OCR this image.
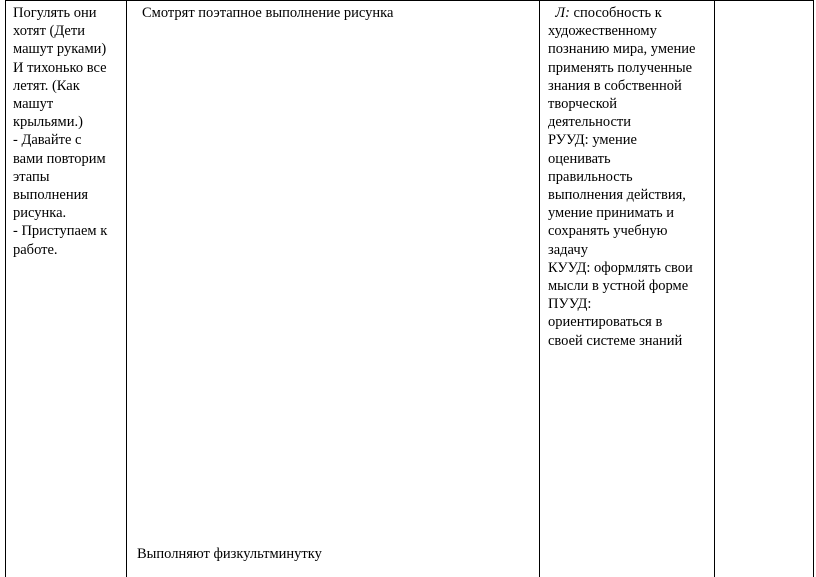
Погулять они

хотят (Дети

машут руками)

И тихонько все

летят. (Как

машут

крыльями.)

- Давайте с

вами повторим

этапы

выполнения

рисунка.

- Приступаем к

работе.

Смотрят поэтапное выполнение рисунка

Выполняют физкультминутку

Л: способность к

художественному

познанию мира, умение

применять полученные

знания в собственной

творческой

деятельности

РУУД: умение

оценивать

правильность

выполнения действия,

умение принимать и

сохранять учебную

задачу

КУУД: оформлять свои

мысли в устной форме

ПУУД:

ориентироваться в

своей системе знаний
